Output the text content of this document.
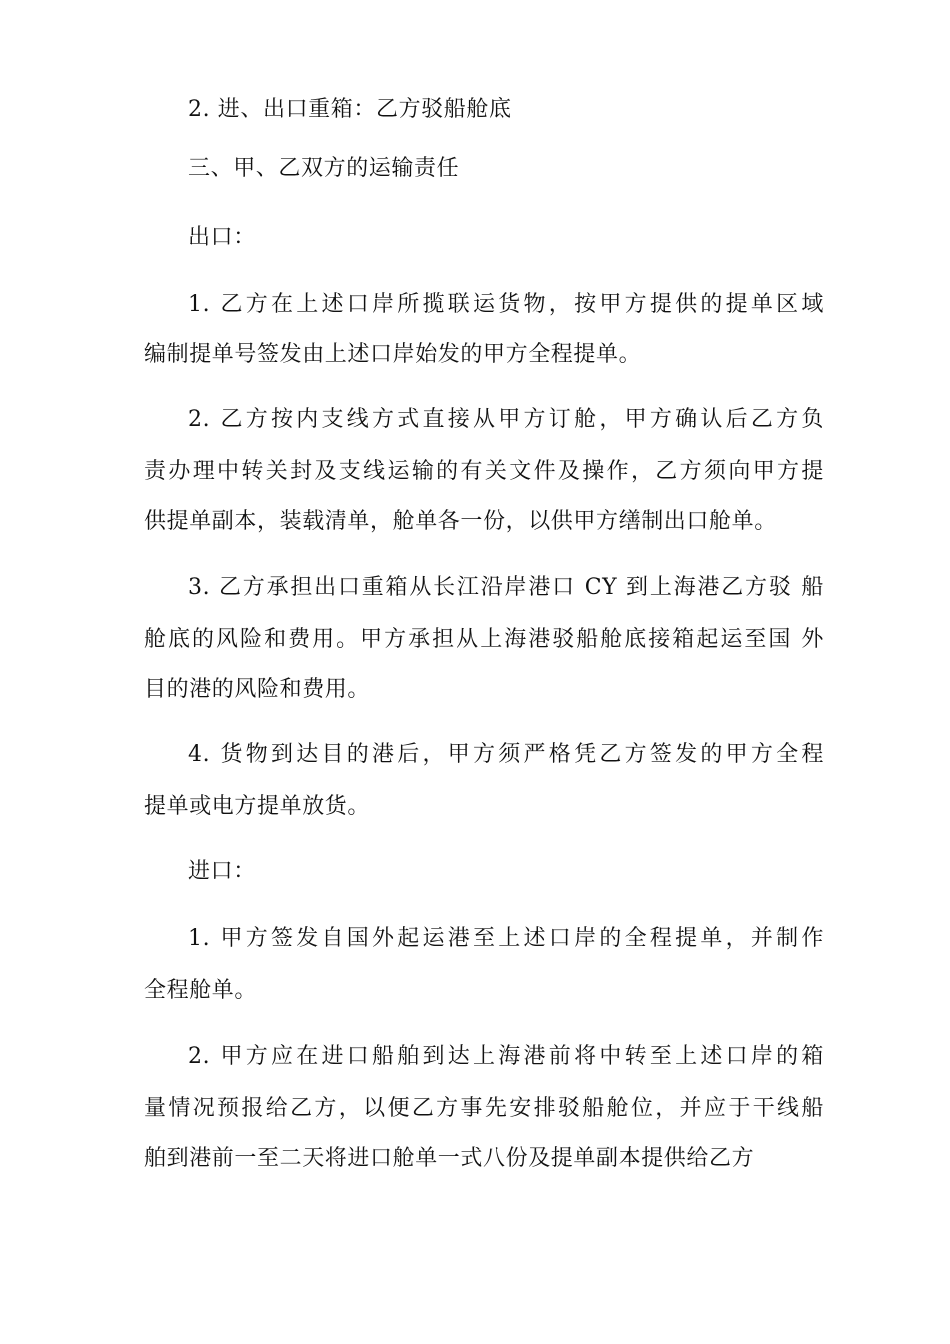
2. 进、出口重箱：乙方驳船舱底
三、甲、乙双方的运输责任
出口：
1. 乙方在上述口岸所揽联运货物，按甲方提供的提单区域
编制提单号签发由上述口岸始发的甲方全程提单。
2. 乙方按内支线方式直接从甲方订舱，甲方确认后乙方负
责办理中转关封及支线运输的有关文件及操作，乙方须向甲方提
供提单副本，装载清单，舱单各一份，以供甲方缮制出口舱单。
3. 乙方承担出口重箱从长江沿岸港口 CY 到上海港乙方驳 船
舱底的风险和费用。甲方承担从上海港驳船舱底接箱起运至国 外
目的港的风险和费用。
4. 货物到达目的港后，甲方须严格凭乙方签发的甲方全程
提单或电方提单放货。
进口：
1. 甲方签发自国外起运港至上述口岸的全程提单，并制作
全程舱单。
2. 甲方应在进口船舶到达上海港前将中转至上述口岸的箱
量情况预报给乙方，以便乙方事先安排驳船舱位，并应于干线船
舶到港前一至二天将进口舱单一式八份及提单副本提供给乙方
